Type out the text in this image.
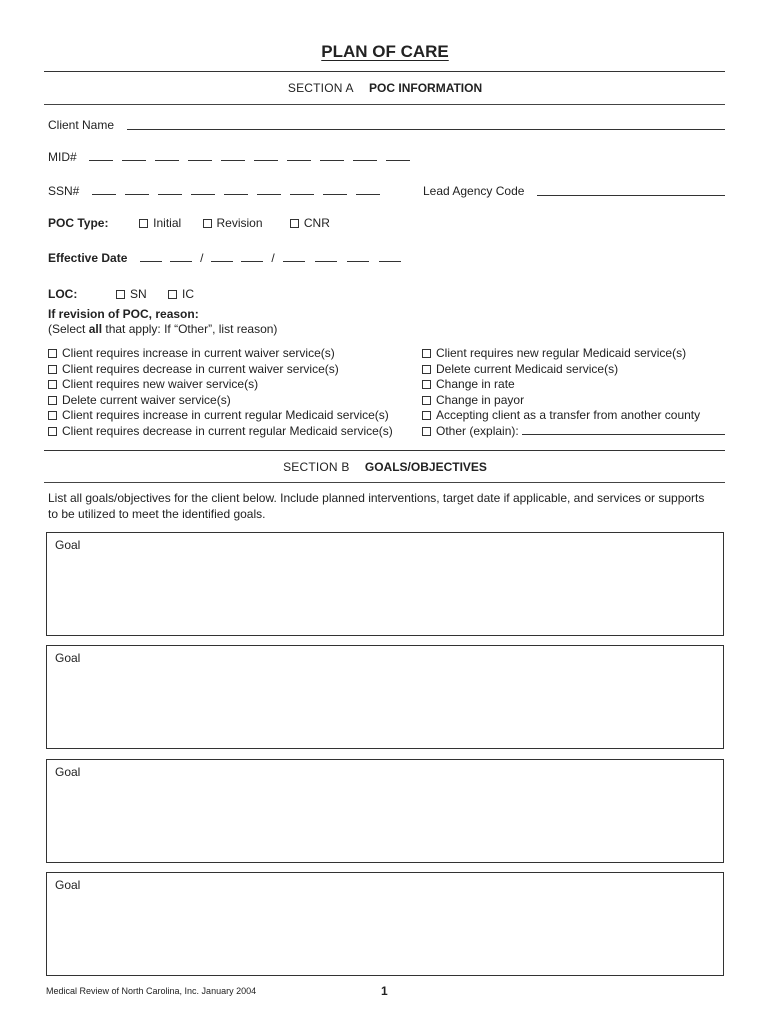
PLAN OF CARE
SECTION A POC INFORMATION
Client Name
MID#
SSN#	Lead Agency Code
POC Type:	Initial	Revision	CNR
Effective Date	/	/
LOC:	SN	IC
If revision of POC, reason:
(Select all that apply: If “Other”, list reason)
Client requires increase in current waiver service(s)
Client requires decrease in current waiver service(s)
Client requires new waiver service(s)
Delete current waiver service(s)
Client requires increase in current regular Medicaid service(s)
Client requires decrease in current regular Medicaid service(s)
Client requires new regular Medicaid service(s)
Delete current Medicaid service(s)
Change in rate
Change in payor
Accepting client as a transfer from another county
Other (explain):
SECTION B GOALS/OBJECTIVES
List all goals/objectives for the client below. Include planned interventions, target date if applicable, and services or supports to be utilized to meet the identified goals.
Goal
Goal
Goal
Goal
Medical Review of North Carolina, Inc. January 2004	1
